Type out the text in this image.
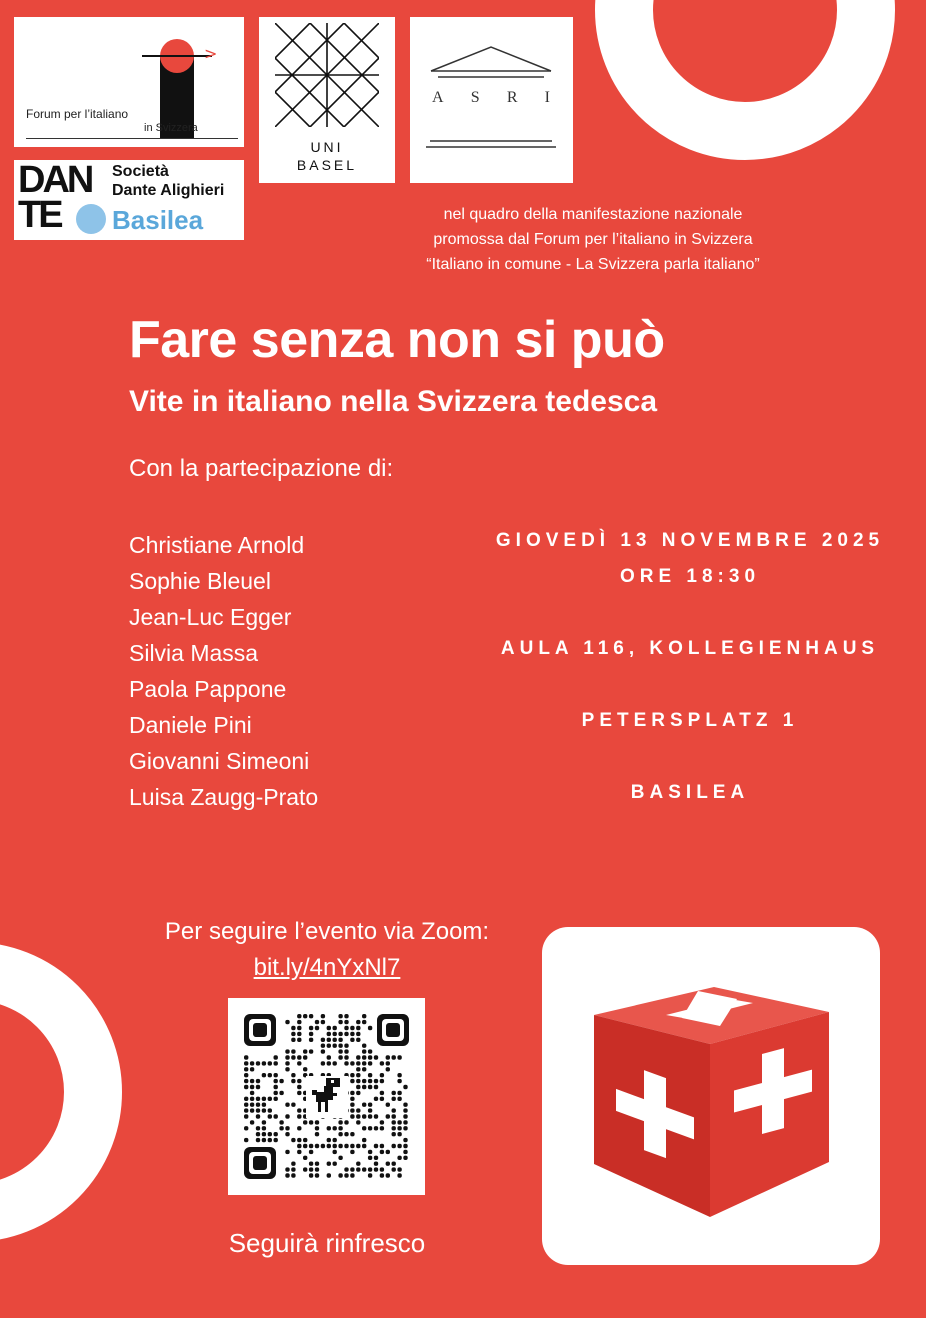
>
Forum per l’italiano
in Svizzera
UNI
BASEL
A S R I
DAN
TE
Società
Dante Alighieri
Basilea	nel quadro della manifestazione nazionale
promossa dal Forum per l’italiano in Svizzera
“Italiano in comune - La Svizzera parla italiano”
Fare senza non si può
Vite in italiano nella Svizzera tedesca
Con la partecipazione di:
Christiane Arnold
Sophie Bleuel
Jean-Luc Egger
Silvia Massa
Paola Pappone
Daniele Pini
Giovanni Simeoni
Luisa Zaugg-Prato
GIOVEDÌ 13 NOVEMBRE 2025
ORE 18:30
AULA 116, KOLLEGIENHAUS
PETERSPLATZ 1
BASILEA
Per seguire l’evento via Zoom:
bit.ly/4nYxNl7
Seguirà rinfresco
